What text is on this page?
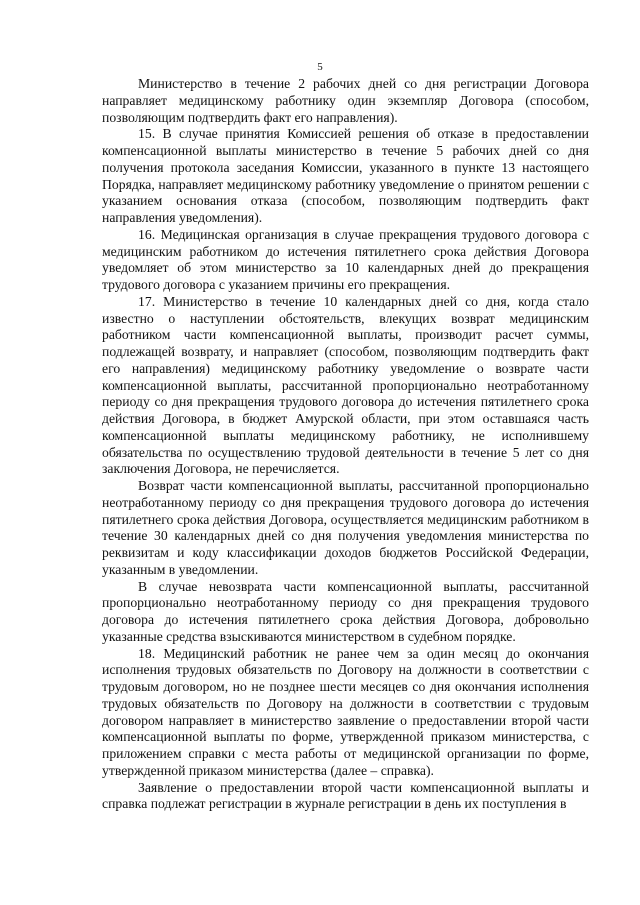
5

Министерство в течение 2 рабочих дней со дня регистрации Договора направляет медицинскому работнику один экземпляр Договора (способом, позволяющим подтвердить факт его направления).

15. В случае принятия Комиссией решения об отказе в предоставлении компенсационной выплаты министерство в течение 5 рабочих дней со дня получения протокола заседания Комиссии, указанного в пункте 13 настоящего Порядка, направляет медицинскому работнику уведомление о принятом решении с указанием основания отказа (способом, позволяющим подтвердить факт направления уведомления).

16. Медицинская организация в случае прекращения трудового договора с медицинским работником до истечения пятилетнего срока действия Договора уведомляет об этом министерство за 10 календарных дней до прекращения трудового договора с указанием причины его прекращения.

17. Министерство в течение 10 календарных дней со дня, когда стало известно о наступлении обстоятельств, влекущих возврат медицинским работником части компенсационной выплаты, производит расчет суммы, подлежащей возврату, и направляет (способом, позволяющим подтвердить факт его направления) медицинскому работнику уведомление о возврате части компенсационной выплаты, рассчитанной пропорционально неотработанному периоду со дня прекращения трудового договора до истечения пятилетнего срока действия Договора, в бюджет Амурской области, при этом оставшаяся часть компенсационной выплаты медицинскому работнику, не исполнившему обязательства по осуществлению трудовой деятельности в течение 5 лет со дня заключения Договора, не перечисляется.

Возврат части компенсационной выплаты, рассчитанной пропорционально неотработанному периоду со дня прекращения трудового договора до истечения пятилетнего срока действия Договора, осуществляется медицинским работником в течение 30 календарных дней со дня получения уведомления министерства по реквизитам и коду классификации доходов бюджетов Российской Федерации, указанным в уведомлении.

В случае невозврата части компенсационной выплаты, рассчитанной пропорционально неотработанному периоду со дня прекращения трудового договора до истечения пятилетнего срока действия Договора, добровольно указанные средства взыскиваются министерством в судебном порядке.

18. Медицинский работник не ранее чем за один месяц до окончания исполнения трудовых обязательств по Договору на должности в соответствии с трудовым договором, но не позднее шести месяцев со дня окончания исполнения трудовых обязательств по Договору на должности в соответствии с трудовым договором направляет в министерство заявление о предоставлении второй части компенсационной выплаты по форме, утвержденной приказом министерства, с приложением справки с места работы от медицинской организации по форме, утвержденной приказом министерства (далее – справка).

Заявление о предоставлении второй части компенсационной выплаты и справка подлежат регистрации в журнале регистрации в день их поступления в
